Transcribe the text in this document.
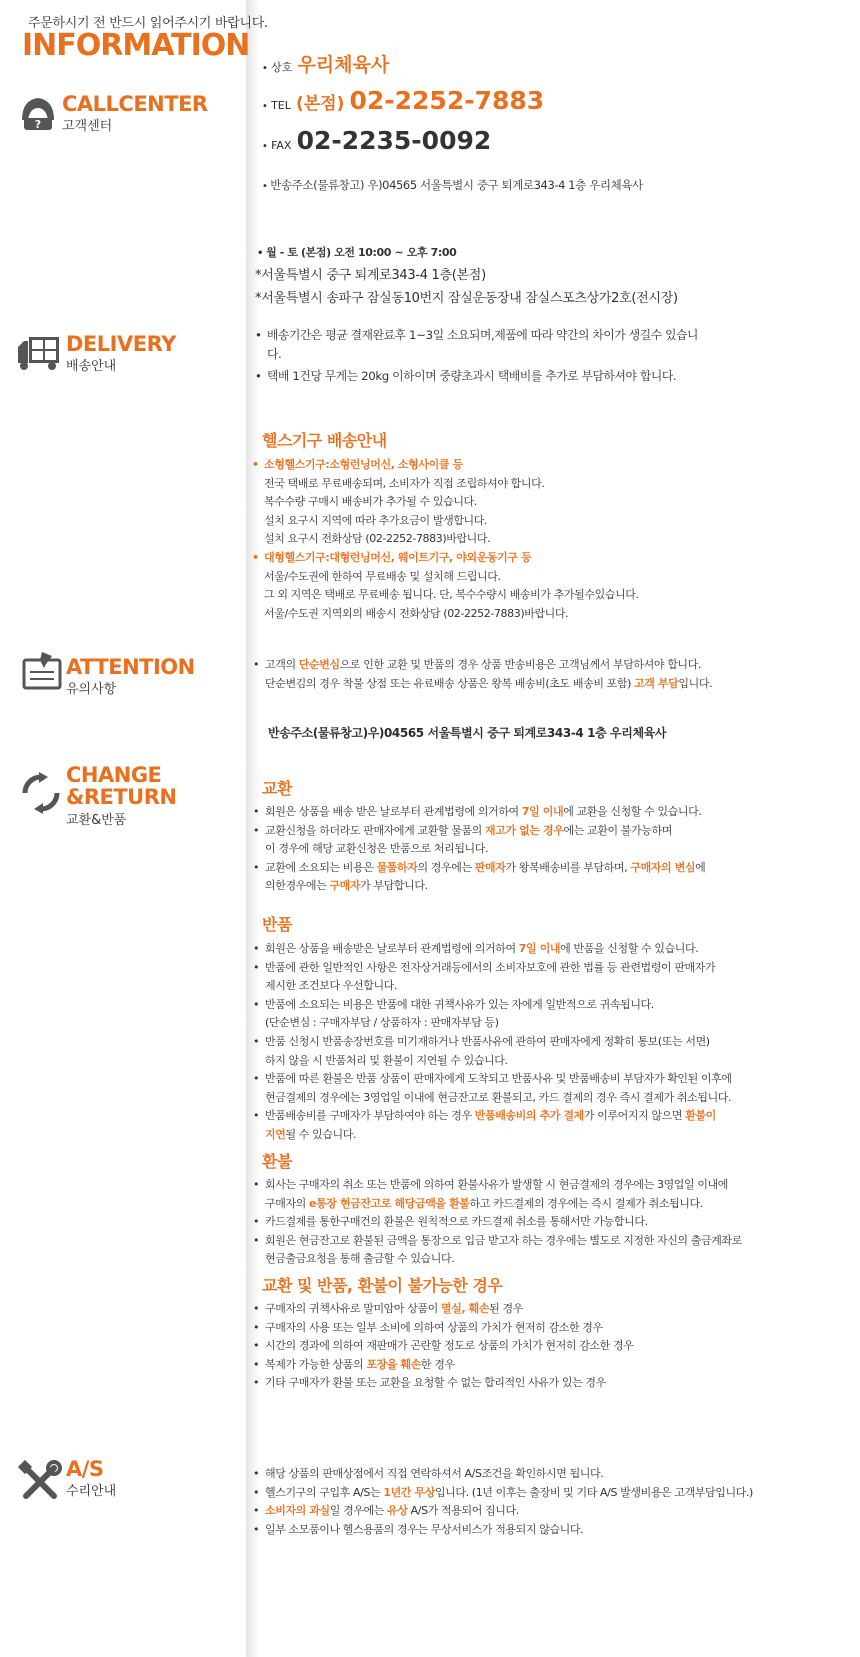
주문하시기 전 반드시 읽어주시기 바랍니다.
INFORMATION
?
CALLCENTER
고객센터
• 상호 우리체육사
• TEL (본점) 02-2252-7883
• FAX 02-2235-0092
• 반송주소(물류창고) 우)04565 서울특별시 중구 퇴계로343-4 1층 우리체육사
• 월 - 토 (본점) 오전 10:00 ~ 오후 7:00
*서울특별시 중구 퇴계로343-4 1층(본점)
*서울특별시 송파구 잠실동10번지 잠실운동장내 잠실스포츠상가2호(전시장)
DELIVERY
배송안내
• 배송기간은 평균 결재완료후 1~3일 소요되며,제품에 따라 약간의 차이가 생길수 있습니
다.
• 택배 1건당 무게는 20kg 이하이며 중량초과시 택배비를 추가로 부담하셔야 합니다.
헬스기구 배송안내
• 소형헬스기구:소형런닝머신, 소형사이클 등
전국 택배로 무료배송되며, 소비자가 직접 조립하셔야 합니다.
복수수량 구매시 배송비가 추가될 수 있습니다.
설치 요구시 지역에 따라 추가요금이 발생합니다.
설치 요구시 전화상담 (02-2252-7883)바랍니다.
• 대형헬스기구:대형런닝머신, 웨이트기구, 야외운동기구 등
서울/수도권에 한하여 무료배송 및 설치해 드립니다.
그 외 지역은 택배로 무료배송 됩니다. 단, 복수수량시 배송비가 추가될수있습니다.
서울/수도권 지역외의 배송시 전화상담 (02-2252-7883)바랍니다.
ATTENTION
유의사항
• 고객의 단순변심으로 인한 교환 및 반품의 경우 상품 반송비용은 고객님께서 부담하셔야 합니다.
단순변김의 경우 착불 상점 또는 유료배송 상품은 왕복 배송비(초도 배송비 포함) 고객 부담입니다.
CHANGE
&RETURN
교환&반품
반송주소(물류창고)우)04565 서울특별시 중구 퇴계로343-4 1층 우리체육사
교환
• 회원은 상품을 배송 받은 날로부터 관계법령에 의거하여 7일 이내에 교환을 신청할 수 있습니다.
• 교환신청을 하더라도 판매자에게 교환할 물품의 재고가 없는 경우에는 교환이 불가능하며
이 경우에 해당 교환신청은 반품으로 처리됩니다.
• 교환에 소요되는 비용은 물품하자의 경우에는 판매자가 왕복배송비를 부담하며, 구매자의 변심에
의한경우에는 구매자가 부담합니다.
반품
• 회원은 상품을 배송받은 날로부터 관계법령에 의거하여 7일 이내에 반품을 신청할 수 있습니다.
• 반품에 관한 일반적인 사항은 전자상거래등에서의 소비자보호에 관한 법률 등 관련법령이 판매자가
제시한 조건보다 우선합니다.
• 반품에 소요되는 비용은 반품에 대한 귀책사유가 있는 자에게 일반적으로 귀속됩니다.
(단순변심 : 구매자부담 / 상품하자 : 판매자부담 등)
• 반품 신청시 반품송장번호를 미기재하거나 반품사유에 관하여 판매자에게 정확히 통보(또는 서면)
하지 않을 시 반품처리 및 환불이 지연될 수 있습니다.
• 반품에 따른 환불은 반품 상품이 판매자에게 도착되고 반품사유 및 반품배송비 부담자가 확인된 이후에
현금결제의 경우에는 3영업일 이내에 현금잔고로 환불되고, 카드 결제의 경우 즉시 결제가 취소됩니다.
• 반품배송비를 구매자가 부담하여야 하는 경우 반품배송비의 추가 결제가 이루어지지 않으면 환불이
지연될 수 있습니다.
환불
• 회사는 구매자의 취소 또는 반품에 의하여 환불사유가 발생할 시 현금결제의 경우에는 3영업일 이내에
구매자의 e통장 현금잔고로 해당금액을 환불하고 카드결제의 경우에는 즉시 결제가 취소됩니다.
• 카드결제를 통한구매건의 환불은 원칙적으로 카드결제 취소를 통해서만 가능합니다.
• 회원은 현금잔고로 환불된 금액을 통장으로 입금 받고자 하는 경우에는 별도로 지정한 자신의 출금계좌로
현금출금요청을 통해 출금할 수 있습니다.
교환 및 반품, 환불이 불가능한 경우
• 구매자의 귀책사유로 말미암아 상품이 멸실, 훼손된 경우
• 구매자의 사용 또는 일부 소비에 의하여 상품의 가치가 현저히 감소한 경우
• 시간의 경과에 의하여 재판매가 곤란할 정도로 상품의 가치가 현저히 감소한 경우
• 복제가 가능한 상품의 포장을 훼손한 경우
• 기타 구매자가 환불 또는 교환을 요청할 수 없는 합리적인 사유가 있는 경우
A/S
수리안내
• 해당 상품의 판매상점에서 직접 연락하셔서 A/S조건을 확인하시면 됩니다.
• 헬스기구의 구입후 A/S는 1년간 무상입니다. (1년 이후는 출장비 및 기타 A/S 발생비용은 고객부담입니다.)
• 소비자의 과실일 경우에는 유상 A/S가 적용되어 집니다.
• 일부 소모품이나 헬스용품의 경우는 무상서비스가 적용되지 않습니다.
